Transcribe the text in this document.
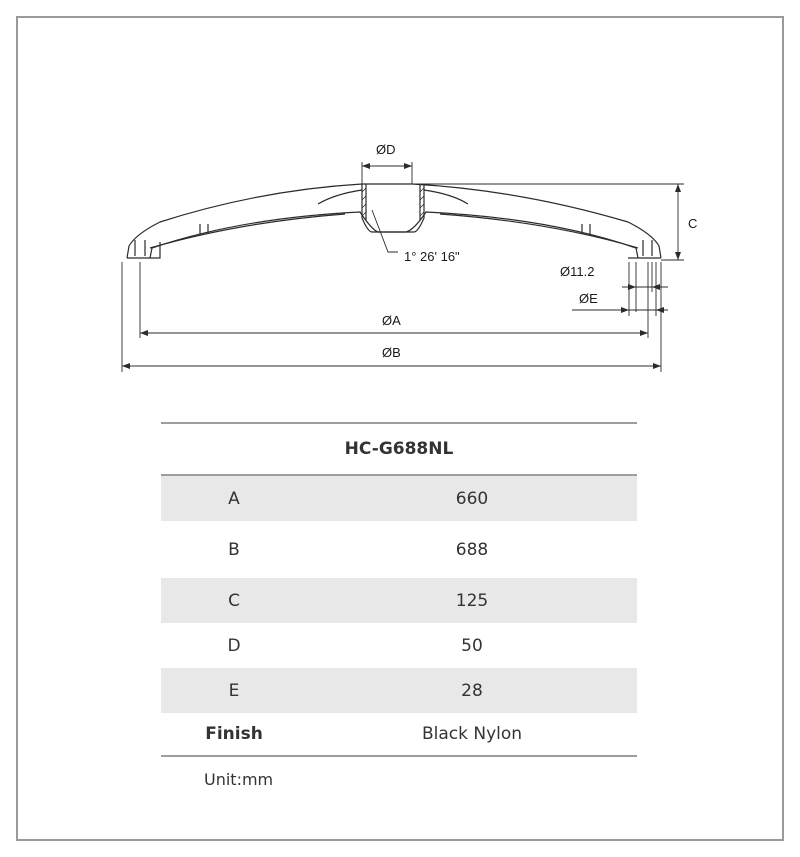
ØD
C
1° 26' 16"
Ø11.2
ØE
ØA
ØB
HC-G688NL
A	660
B	688
C	125
D	50
E	28
Finish	Black Nylon
Unit:mm
